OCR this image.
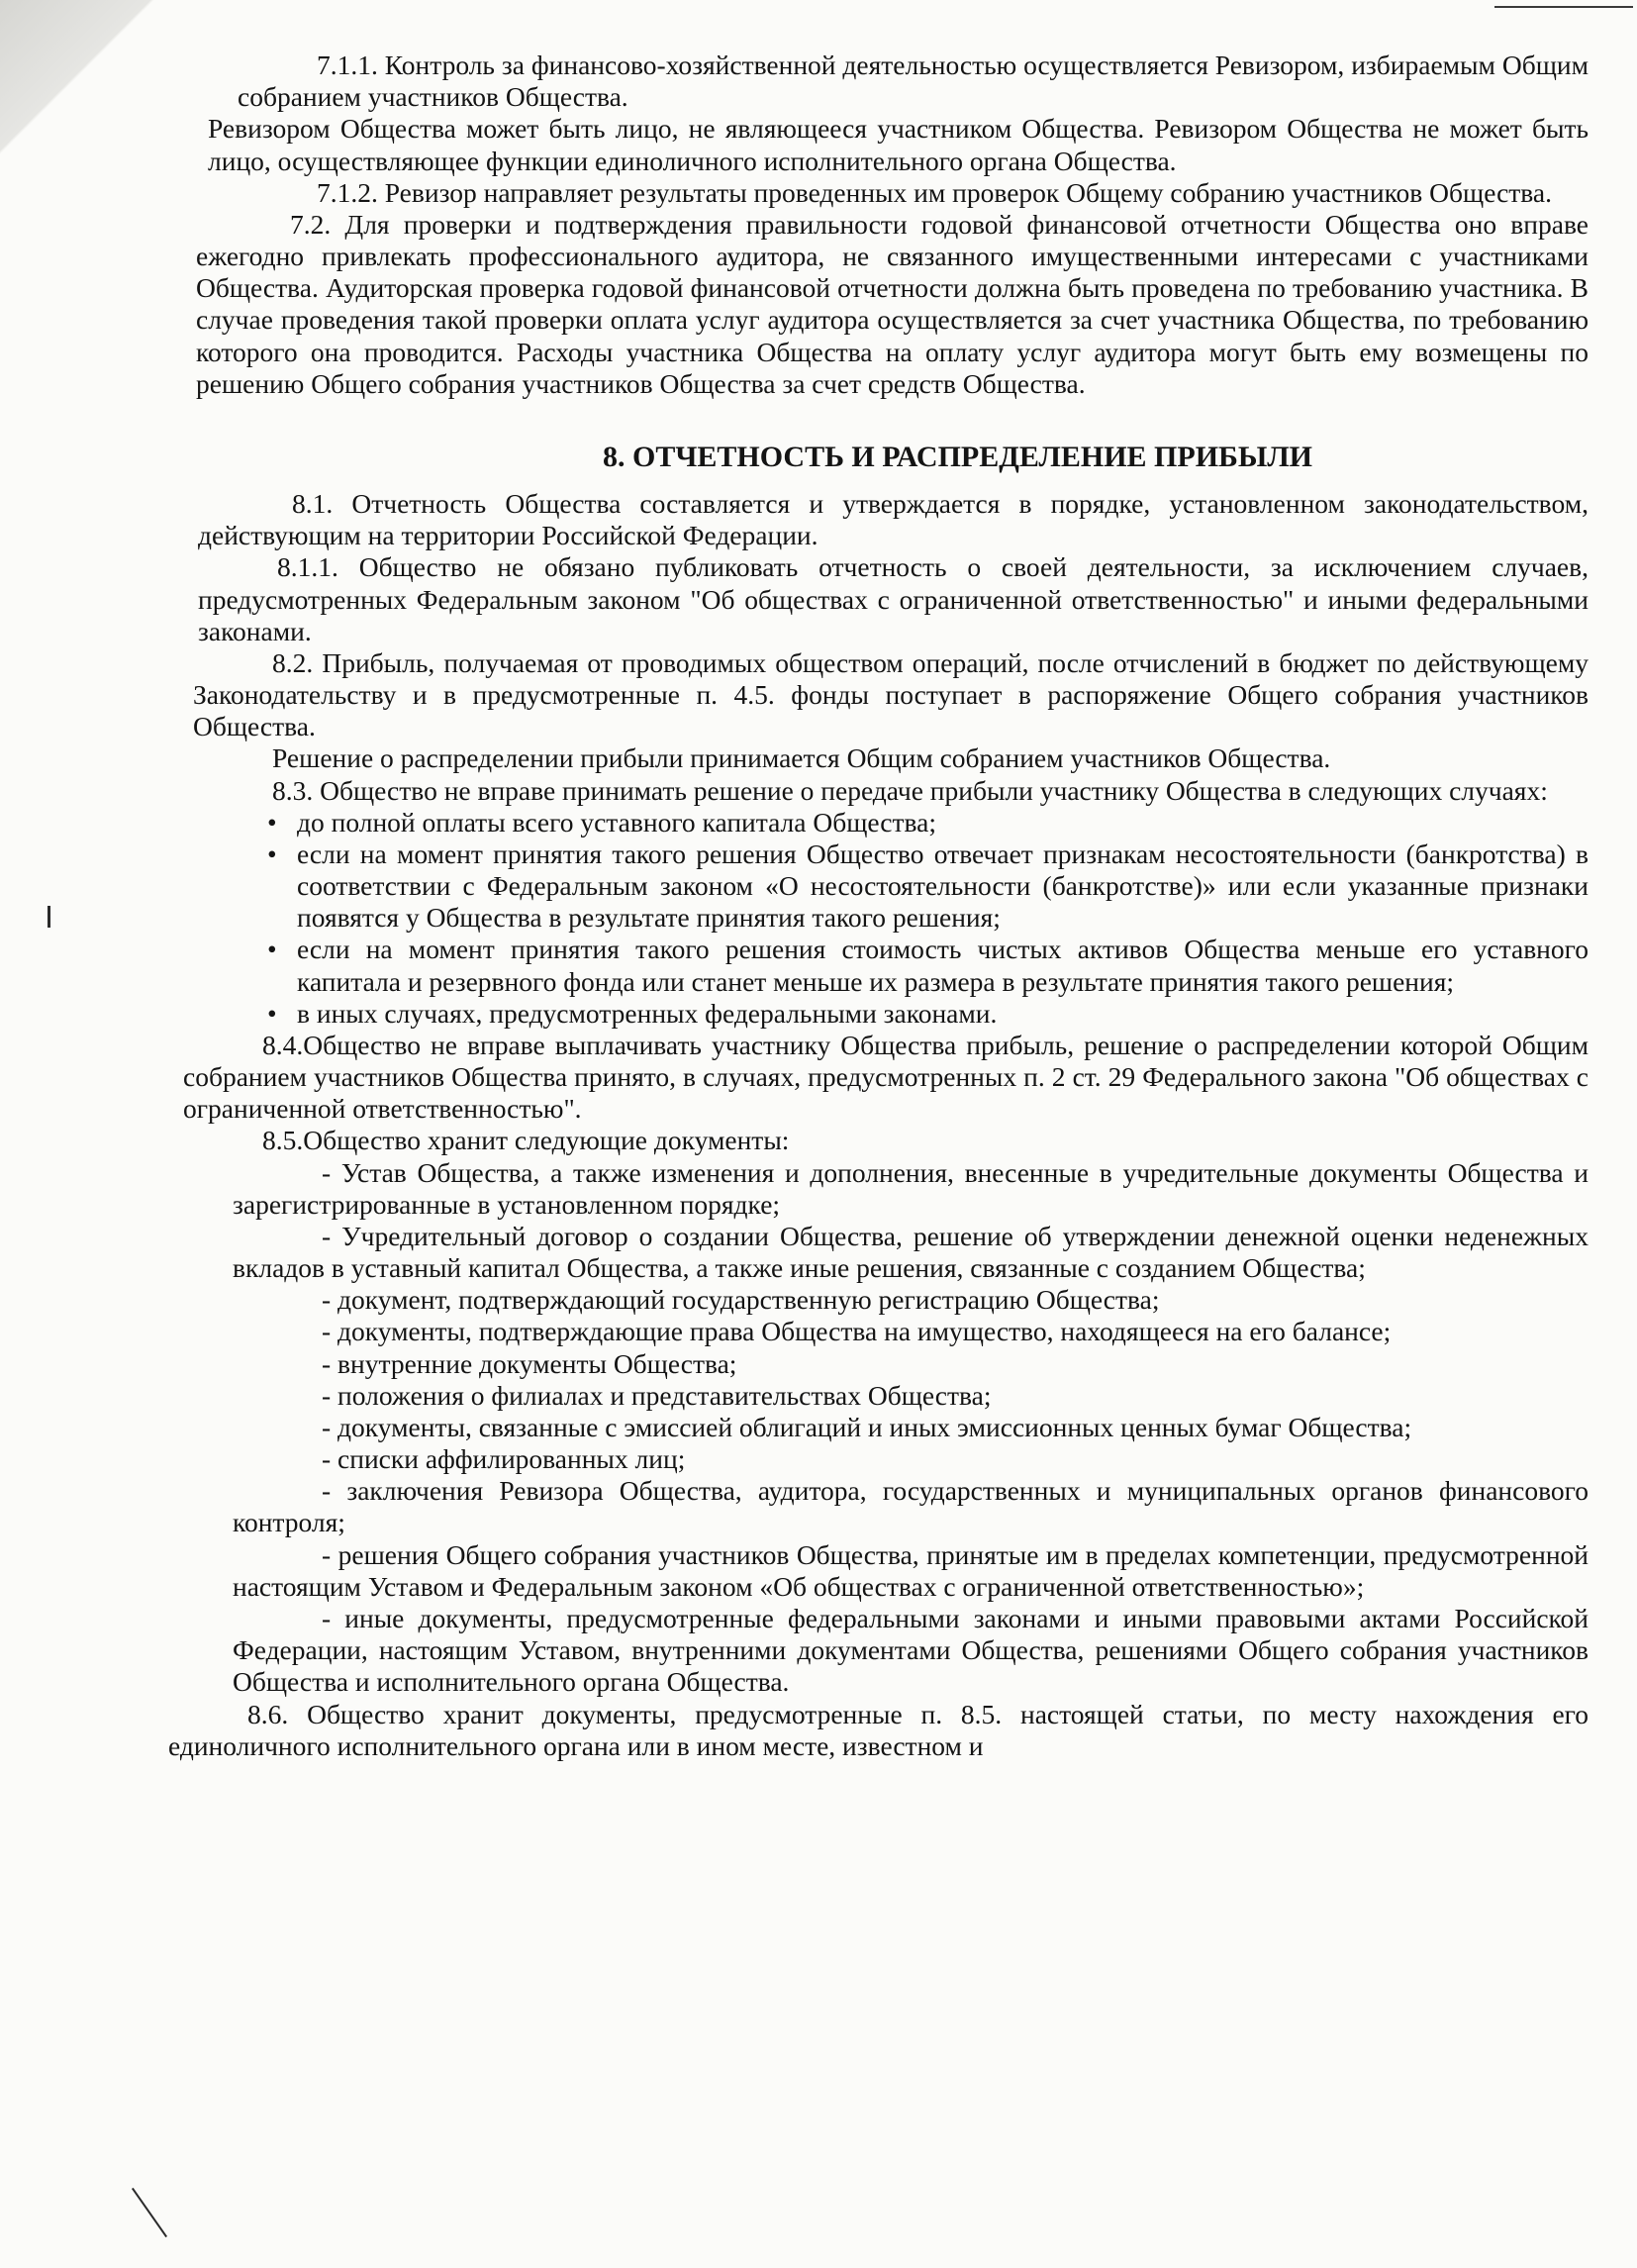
7.1.1. Контроль за финансово-хозяйственной деятельностью осуществляется Ревизором, избираемым Общим собранием участников Общества.

Ревизором Общества может быть лицо, не являющееся участником Общества. Ревизором Общества не может быть лицо, осуществляющее функции единоличного исполнительного органа Общества.

7.1.2. Ревизор направляет результаты проведенных им проверок Общему собранию участников Общества.

7.2. Для проверки и подтверждения правильности годовой финансовой отчетности Общества оно вправе ежегодно привлекать профессионального аудитора, не связанного имущественными интересами с участниками Общества. Аудиторская проверка годовой финансовой отчетности должна быть проведена по требованию участника. В случае проведения такой проверки оплата услуг аудитора осуществляется за счет участника Общества, по требованию которого она проводится. Расходы участника Общества на оплату услуг аудитора могут быть ему возмещены по решению Общего собрания участников Общества за счет средств Общества.

8. ОТЧЕТНОСТЬ И РАСПРЕДЕЛЕНИЕ ПРИБЫЛИ

8.1. Отчетность Общества составляется и утверждается в порядке, установленном законодательством, действующим на территории Российской Федерации.

8.1.1. Общество не обязано публиковать отчетность о своей деятельности, за исключением случаев, предусмотренных Федеральным законом "Об обществах с ограниченной ответственностью" и иными федеральными законами.

8.2. Прибыль, получаемая от проводимых обществом операций, после отчислений в бюджет по действующему Законодательству и в предусмотренные п. 4.5. фонды поступает в распоряжение Общего собрания участников Общества.

Решение о распределении прибыли принимается Общим собранием участников Общества.

8.3. Общество не вправе принимать решение о передаче прибыли участнику Общества в следующих случаях:

• до полной оплаты всего уставного капитала Общества;
• если на момент принятия такого решения Общество отвечает признакам несостоятельности (банкротства) в соответствии с Федеральным законом «О несостоятельности (банкротстве)» или если указанные признаки появятся у Общества в результате принятия такого решения;
• если на момент принятия такого решения стоимость чистых активов Общества меньше его уставного капитала и резервного фонда или станет меньше их размера в результате принятия такого решения;
• в иных случаях, предусмотренных федеральными законами.

8.4.Общество не вправе выплачивать участнику Общества прибыль, решение о распределении которой Общим собранием участников Общества принято, в случаях, предусмотренных п. 2 ст. 29 Федерального закона "Об обществах с ограниченной ответственностью".

8.5.Общество хранит следующие документы:

- Устав Общества, а также изменения и дополнения, внесенные в учредительные документы Общества и зарегистрированные в установленном порядке;

- Учредительный договор о создании Общества, решение об утверждении денежной оценки неденежных вкладов в уставный капитал Общества, а также иные решения, связанные с созданием Общества;

- документ, подтверждающий государственную регистрацию Общества;

- документы, подтверждающие права Общества на имущество, находящееся на его балансе;

- внутренние документы Общества;

- положения о филиалах и представительствах Общества;

- документы, связанные с эмиссией облигаций и иных эмиссионных ценных бумаг Общества;

- списки аффилированных лиц;

- заключения Ревизора Общества, аудитора, государственных и муниципальных органов финансового контроля;

- решения Общего собрания участников Общества, принятые им в пределах компетенции, предусмотренной настоящим Уставом и Федеральным законом «Об обществах с ограниченной ответственностью»;

- иные документы, предусмотренные федеральными законами и иными правовыми актами Российской Федерации, настоящим Уставом, внутренними документами Общества, решениями Общего собрания участников Общества и исполнительного органа Общества.

8.6. Общество хранит документы, предусмотренные п. 8.5. настоящей статьи, по месту нахождения его единоличного исполнительного органа или в ином месте, известном и
